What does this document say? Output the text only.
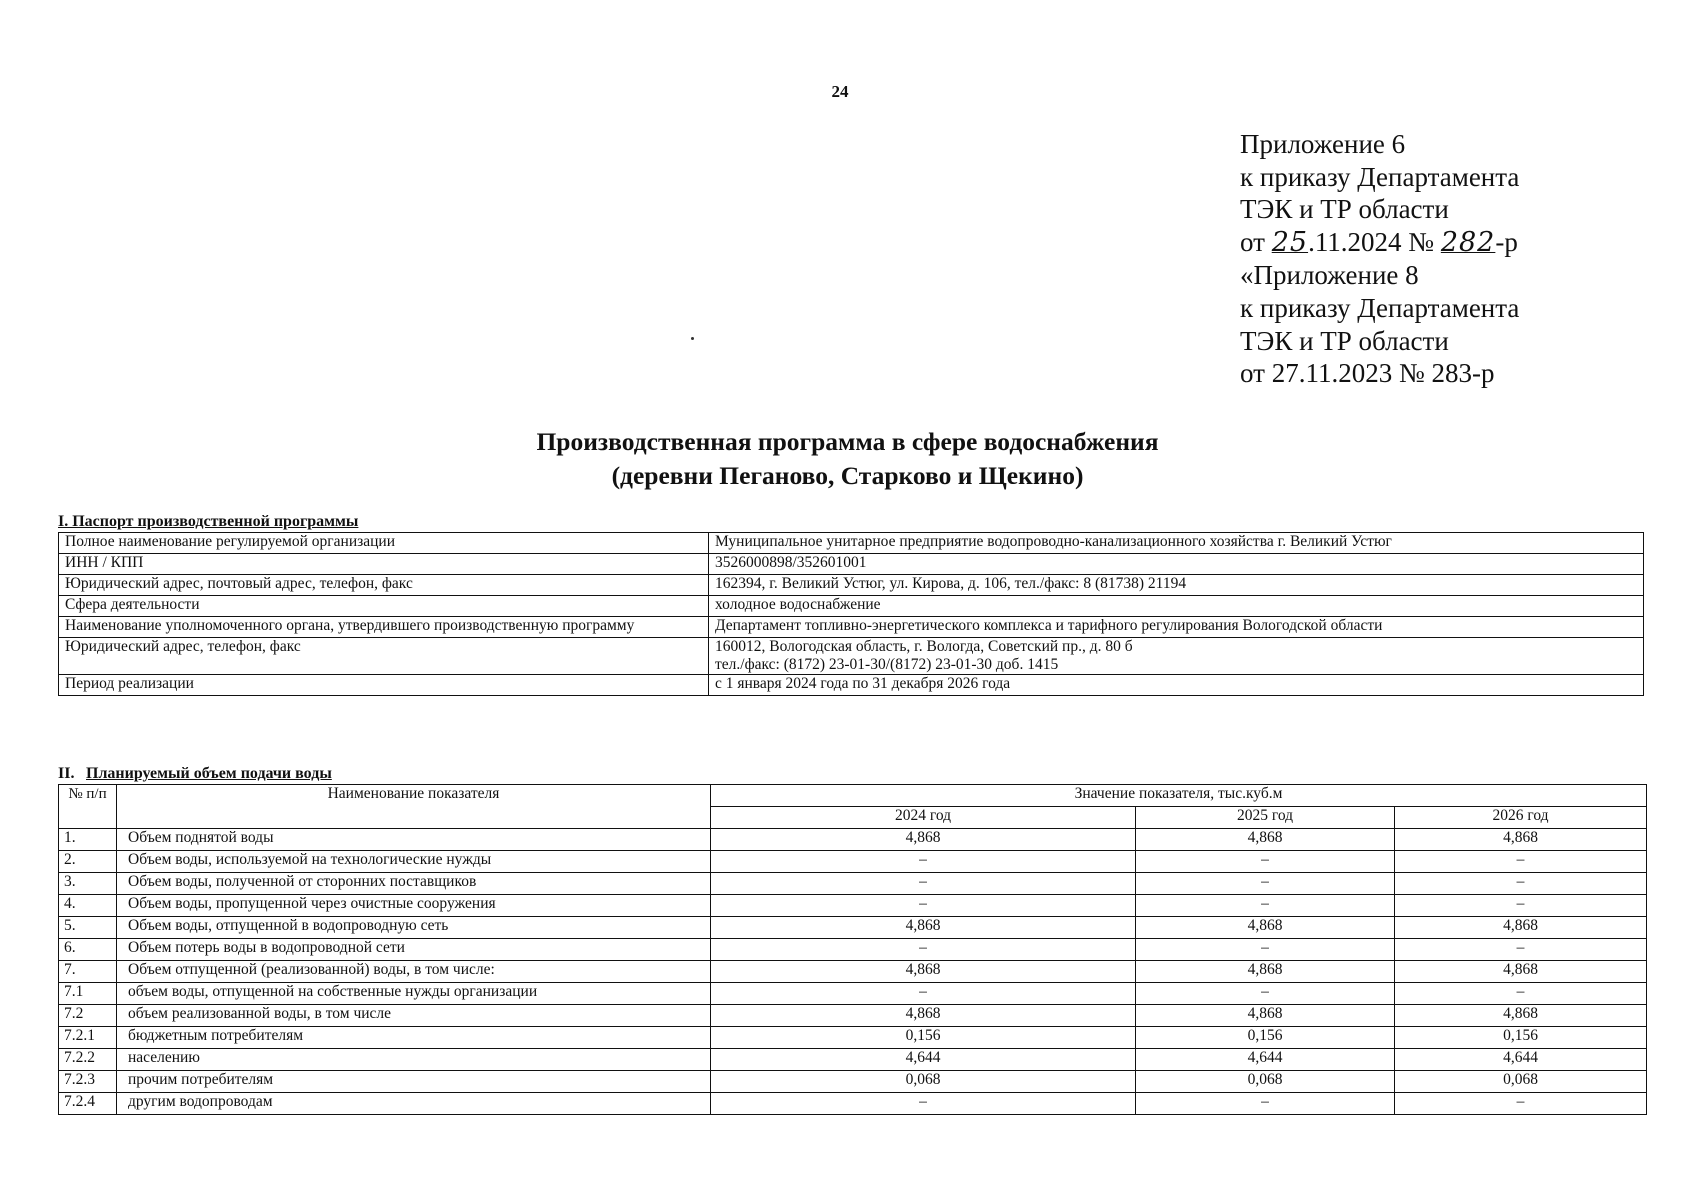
24
Приложение 6
к приказу Департамента
ТЭК и ТР области
от 25.11.2024 № 282-р
«Приложение 8
к приказу Департамента
ТЭК и ТР области
от 27.11.2023 № 283-р
Производственная программа в сфере водоснабжения
(деревни Пеганово, Старково и Щекино)
I. Паспорт производственной программы
Полное наименование регулируемой организации	Муниципальное унитарное предприятие водопроводно-канализационного хозяйства г. Великий Устюг

ИНН / КПП	3526000898/352601001

Юридический адрес, почтовый адрес, телефон, факс	162394, г. Великий Устюг, ул. Кирова, д. 106, тел./факс: 8 (81738) 21194

Сфера деятельности	холодное водоснабжение

Наименование уполномоченного органа, утвердившего производственную программу	Департамент топливно-энергетического комплекса и тарифного регулирования Вологодской области

Юридический адрес, телефон, факс	160012, Вологодская область, г. Вологда, Советский пр., д. 80 б
тел./факс: (8172) 23-01-30/(8172) 23-01-30 доб. 1415

Период реализации	с 1 января 2024 года по 31 декабря 2026 года
II. Планируемый объем подачи воды
№ п/п	Наименование показателя	Значение показателя, тыс.куб.м		
		2024 год	2025 год	2026 год
1.	Объем поднятой воды	4,868	4,868	4,868
2.	Объем воды, используемой на технологические нужды	–	–	–
3.	Объем воды, полученной от сторонних поставщиков	–	–	–
4.	Объем воды, пропущенной через очистные сооружения	–	–	–
5.	Объем воды, отпущенной в водопроводную сеть	4,868	4,868	4,868
6.	Объем потерь воды в водопроводной сети	–	–	–
7.	Объем отпущенной (реализованной) воды, в том числе:	4,868	4,868	4,868
7.1	объем воды, отпущенной на собственные нужды организации	–	–	–
7.2	объем реализованной воды, в том числе	4,868	4,868	4,868
7.2.1	бюджетным потребителям	0,156	0,156	0,156
7.2.2	населению	4,644	4,644	4,644
7.2.3	прочим потребителям	0,068	0,068	0,068
7.2.4	другим водопроводам	–	–	–
